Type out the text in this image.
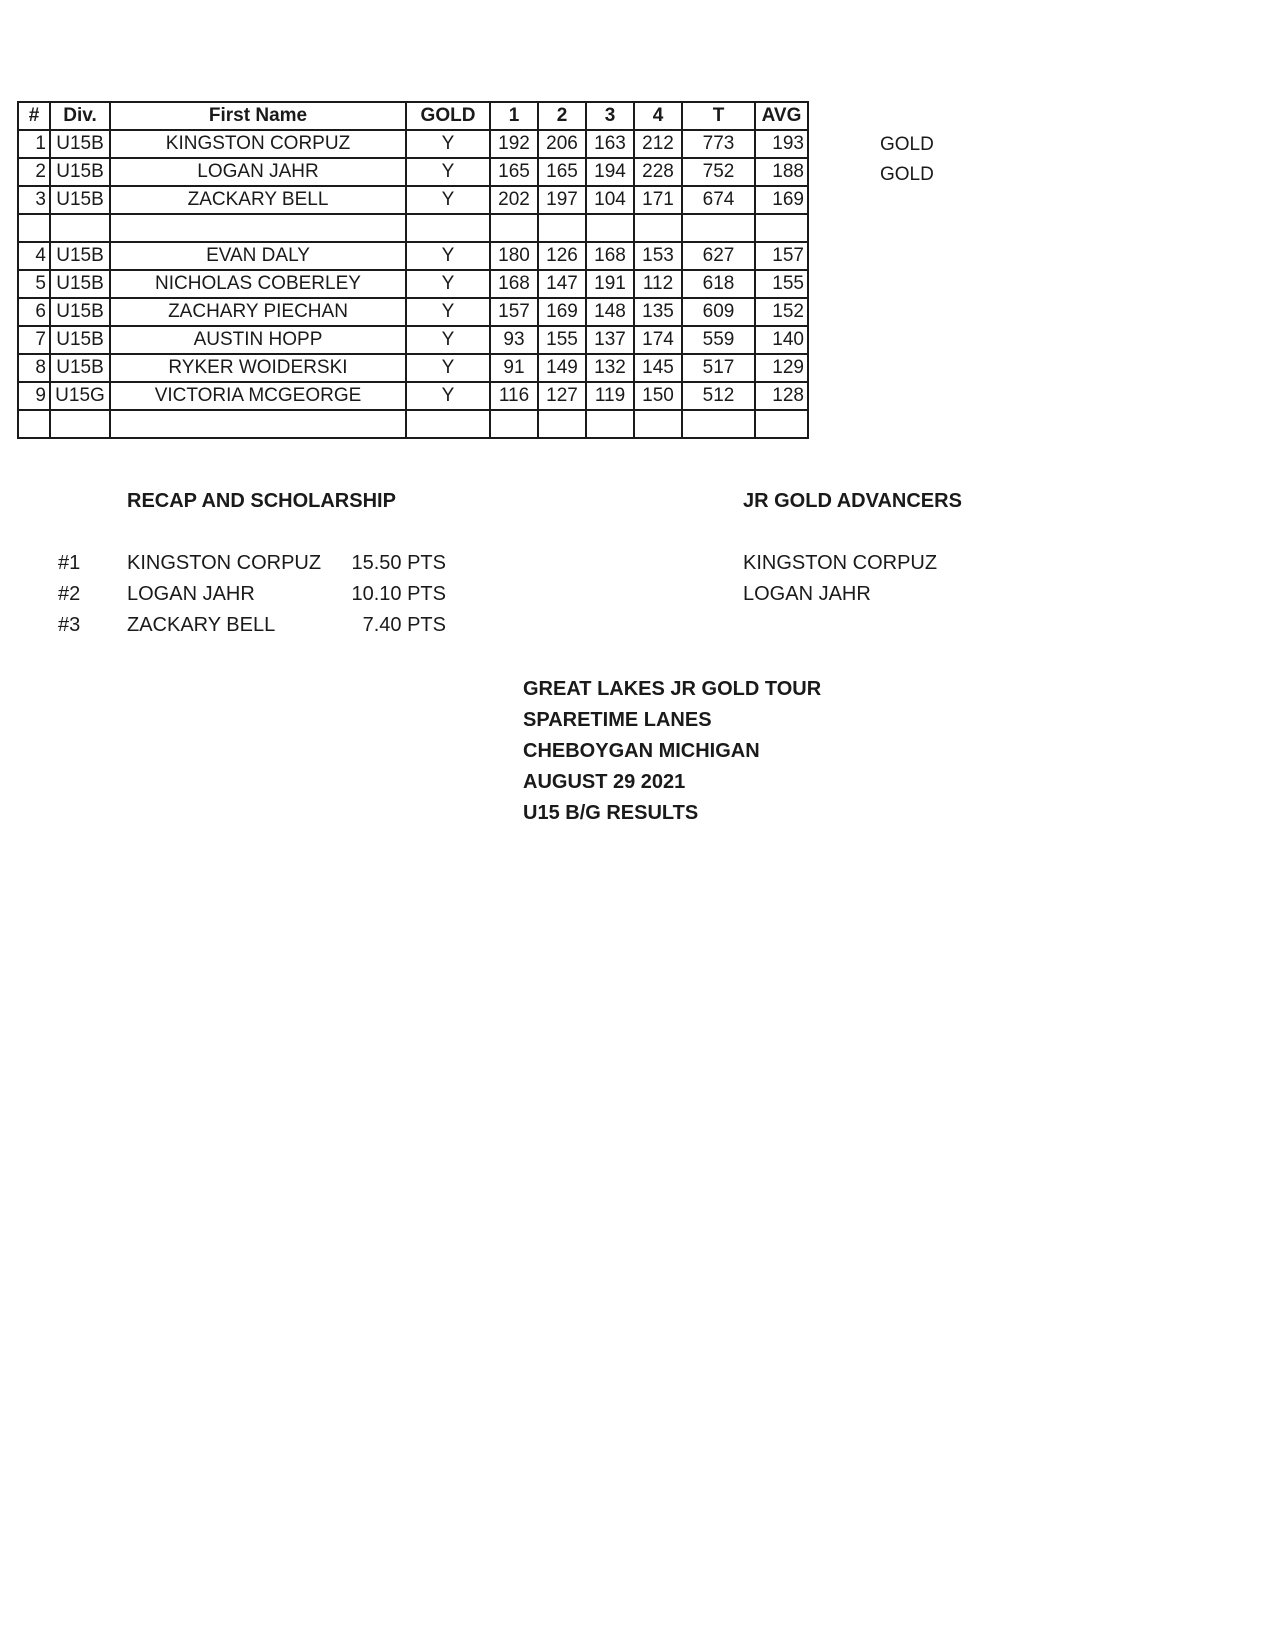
#	Div.	First Name	GOLD	1	2	3	4	T	AVG
1	U15B	KINGSTON CORPUZ	Y	192	206	163	212	773	193
2	U15B	LOGAN JAHR	Y	165	165	194	228	752	188
3	U15B	ZACKARY BELL	Y	202	197	104	171	674	169

4	U15B	EVAN DALY	Y	180	126	168	153	627	157
5	U15B	NICHOLAS COBERLEY	Y	168	147	191	112	618	155
6	U15B	ZACHARY PIECHAN	Y	157	169	148	135	609	152
7	U15B	AUSTIN HOPP	Y	93	155	137	174	559	140
8	U15B	RYKER WOIDERSKI	Y	91	149	132	145	517	129
9	U15G	VICTORIA MCGEORGE	Y	116	127	119	150	512	128

GOLD
GOLD
RECAP AND SCHOLARSHIP
#1 KINGSTON CORPUZ 15.50 PTS
#2 LOGAN JAHR	10.10 PTS
#3 ZACKARY BELL	7.40 PTS
JR GOLD ADVANCERS
KINGSTON CORPUZ
LOGAN JAHR
GREAT LAKES JR GOLD TOUR
SPARETIME LANES
CHEBOYGAN MICHIGAN
AUGUST 29 2021
U15 B/G RESULTS
